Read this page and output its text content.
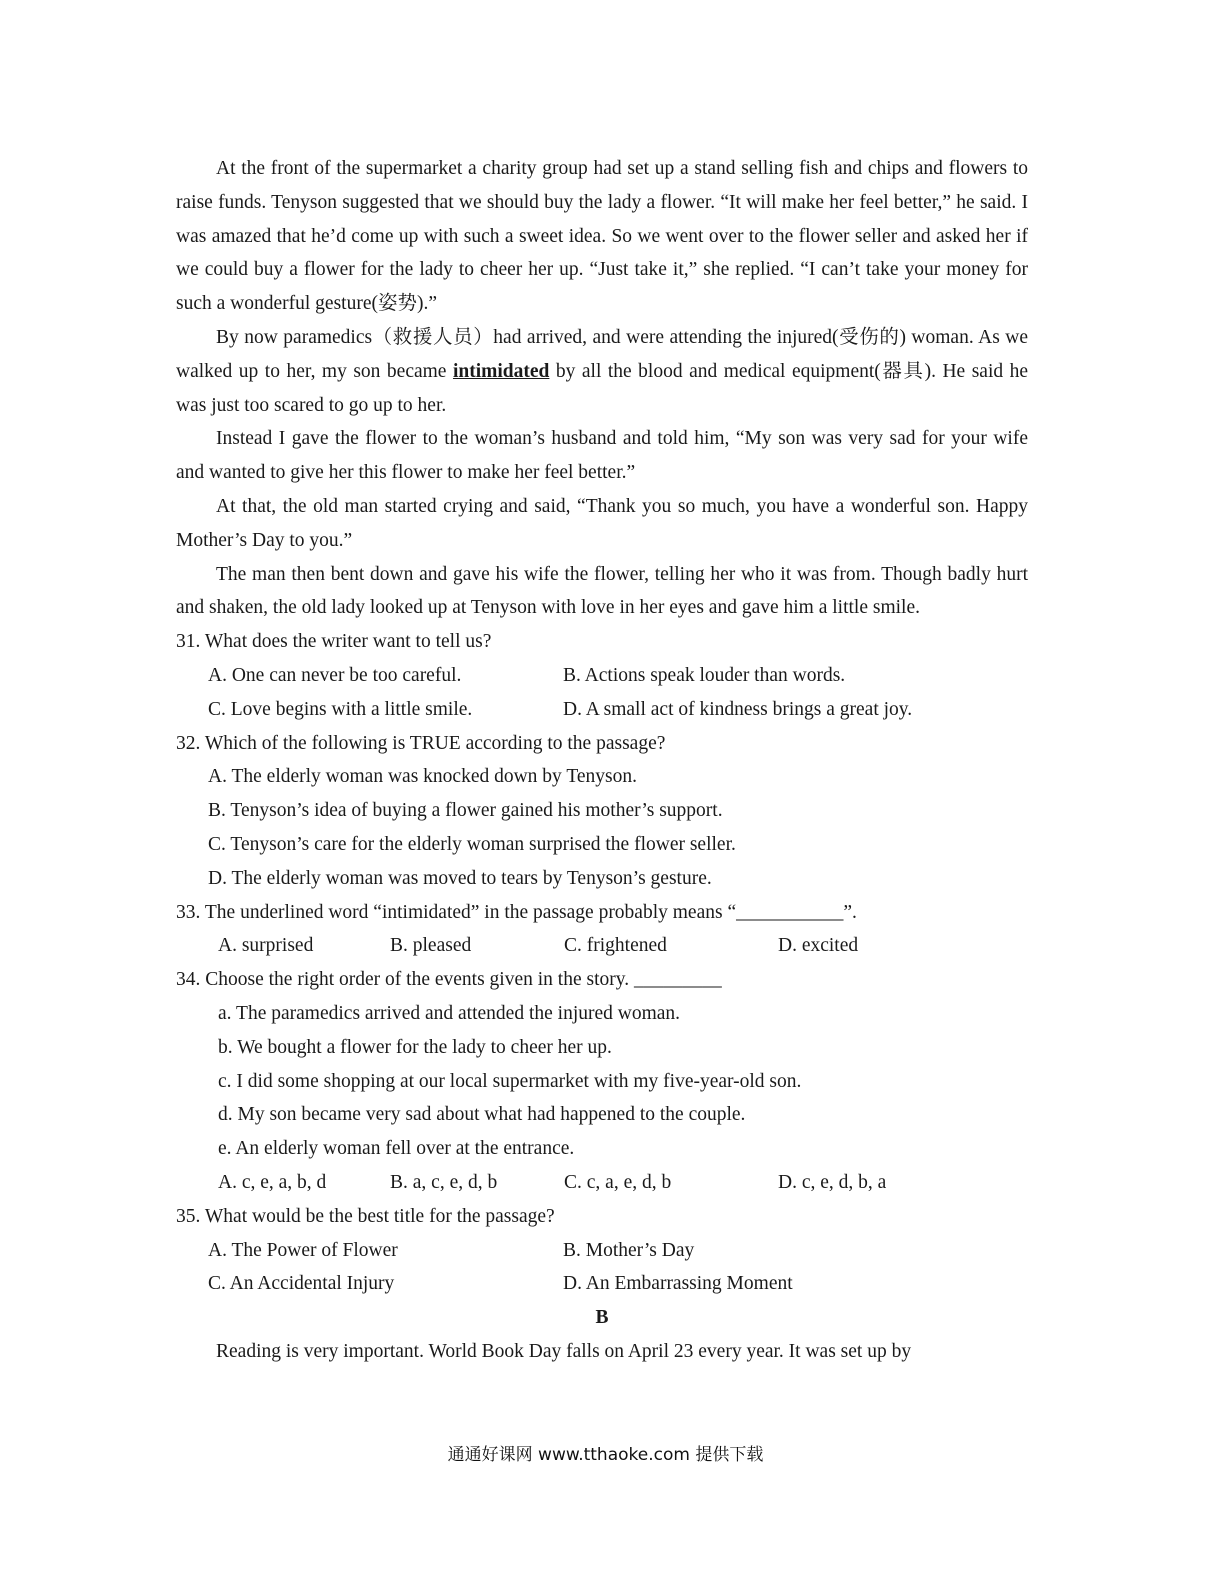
At the front of the supermarket a charity group had set up a stand selling fish and chips and flowers to raise funds. Tenyson suggested that we should buy the lady a flower. “It will make her feel better,” he said. I was amazed that he’d come up with such a sweet idea. So we went over to the flower seller and asked her if we could buy a flower for the lady to cheer her up. “Just take it,” she replied. “I can’t take your money for such a wonderful gesture(姿势).”

By now paramedics（救援人员）had arrived, and were attending the injured(受伤的) woman. As we walked up to her, my son became intimidated by all the blood and medical equipment(器具). He said he was just too scared to go up to her.

Instead I gave the flower to the woman’s husband and told him, “My son was very sad for your wife and wanted to give her this flower to make her feel better.”

At that, the old man started crying and said, “Thank you so much, you have a wonderful son. Happy Mother’s Day to you.”

The man then bent down and gave his wife the flower, telling her who it was from. Though badly hurt and shaken, the old lady looked up at Tenyson with love in her eyes and gave him a little smile.

31. What does the writer want to tell us?
A. One can never be too careful.	B. Actions speak louder than words.
C. Love begins with a little smile.	D. A small act of kindness brings a great joy.
32. Which of the following is TRUE according to the passage?
A. The elderly woman was knocked down by Tenyson.
B. Tenyson’s idea of buying a flower gained his mother’s support.
C. Tenyson’s care for the elderly woman surprised the flower seller.
D. The elderly woman was moved to tears by Tenyson’s gesture.
33. The underlined word “intimidated” in the passage probably means “___________”.
A. surprised	B. pleased	C. frightened	D. excited
34. Choose the right order of the events given in the story. _________
a. The paramedics arrived and attended the injured woman.
b. We bought a flower for the lady to cheer her up.
c. I did some shopping at our local supermarket with my five-year-old son.
d. My son became very sad about what had happened to the couple.
e. An elderly woman fell over at the entrance.
A. c, e, a, b, d	B. a, c, e, d, b	C. c, a, e, d, b	D. c, e, d, b, a
35. What would be the best title for the passage?
A. The Power of Flower	B. Mother’s Day
C. An Accidental Injury	D. An Embarrassing Moment
B

Reading is very important. World Book Day falls on April 23 every year. It was set up by

通通好课网 www.tthaoke.com 提供下载
